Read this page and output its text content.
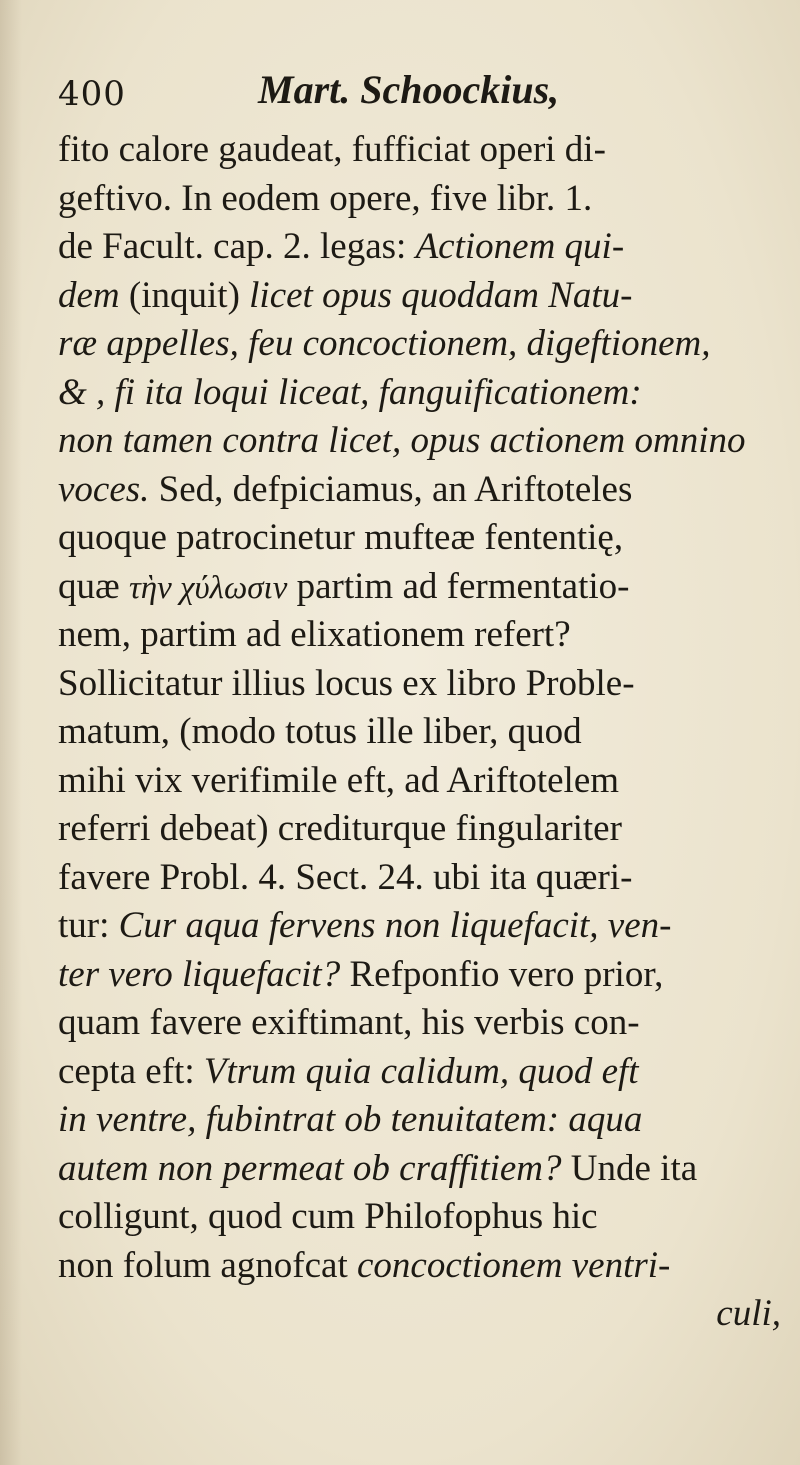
400	Mart. Schoockius,
fito calore gaudeat, fufficiat operi di-
geftivo. In eodem opere, five libr. 1.
de Facult. cap. 2. legas: Actionem qui-
dem (inquit) licet opus quoddam Natu-
ræ appelles, feu concoctionem, digeftionem,
& , fi ita loqui liceat, fanguificationem:
non tamen contra licet, opus actionem omnino
voces. Sed, defpiciamus, an Ariftoteles
quoque patrocinetur mufteæ fententię,
quæ τὴν χύλωσιν partim ad fermentatio-
nem, partim ad elixationem refert?
Sollicitatur illius locus ex libro Proble-
matum, (modo totus ille liber, quod
mihi vix verifimile eft, ad Ariftotelem
referri debeat) crediturque fingulariter
favere Probl. 4. Sect. 24. ubi ita quæri-
tur: Cur aqua fervens non liquefacit, ven-
ter vero liquefacit? Refponfio vero prior,
quam favere exiftimant, his verbis con-
cepta eft: Vtrum quia calidum, quod eft
in ventre, fubintrat ob tenuitatem: aqua
autem non permeat ob craffitiem? Unde ita
colligunt, quod cum Philofophus hic
non folum agnofcat concoctionem ventri-
culi,
